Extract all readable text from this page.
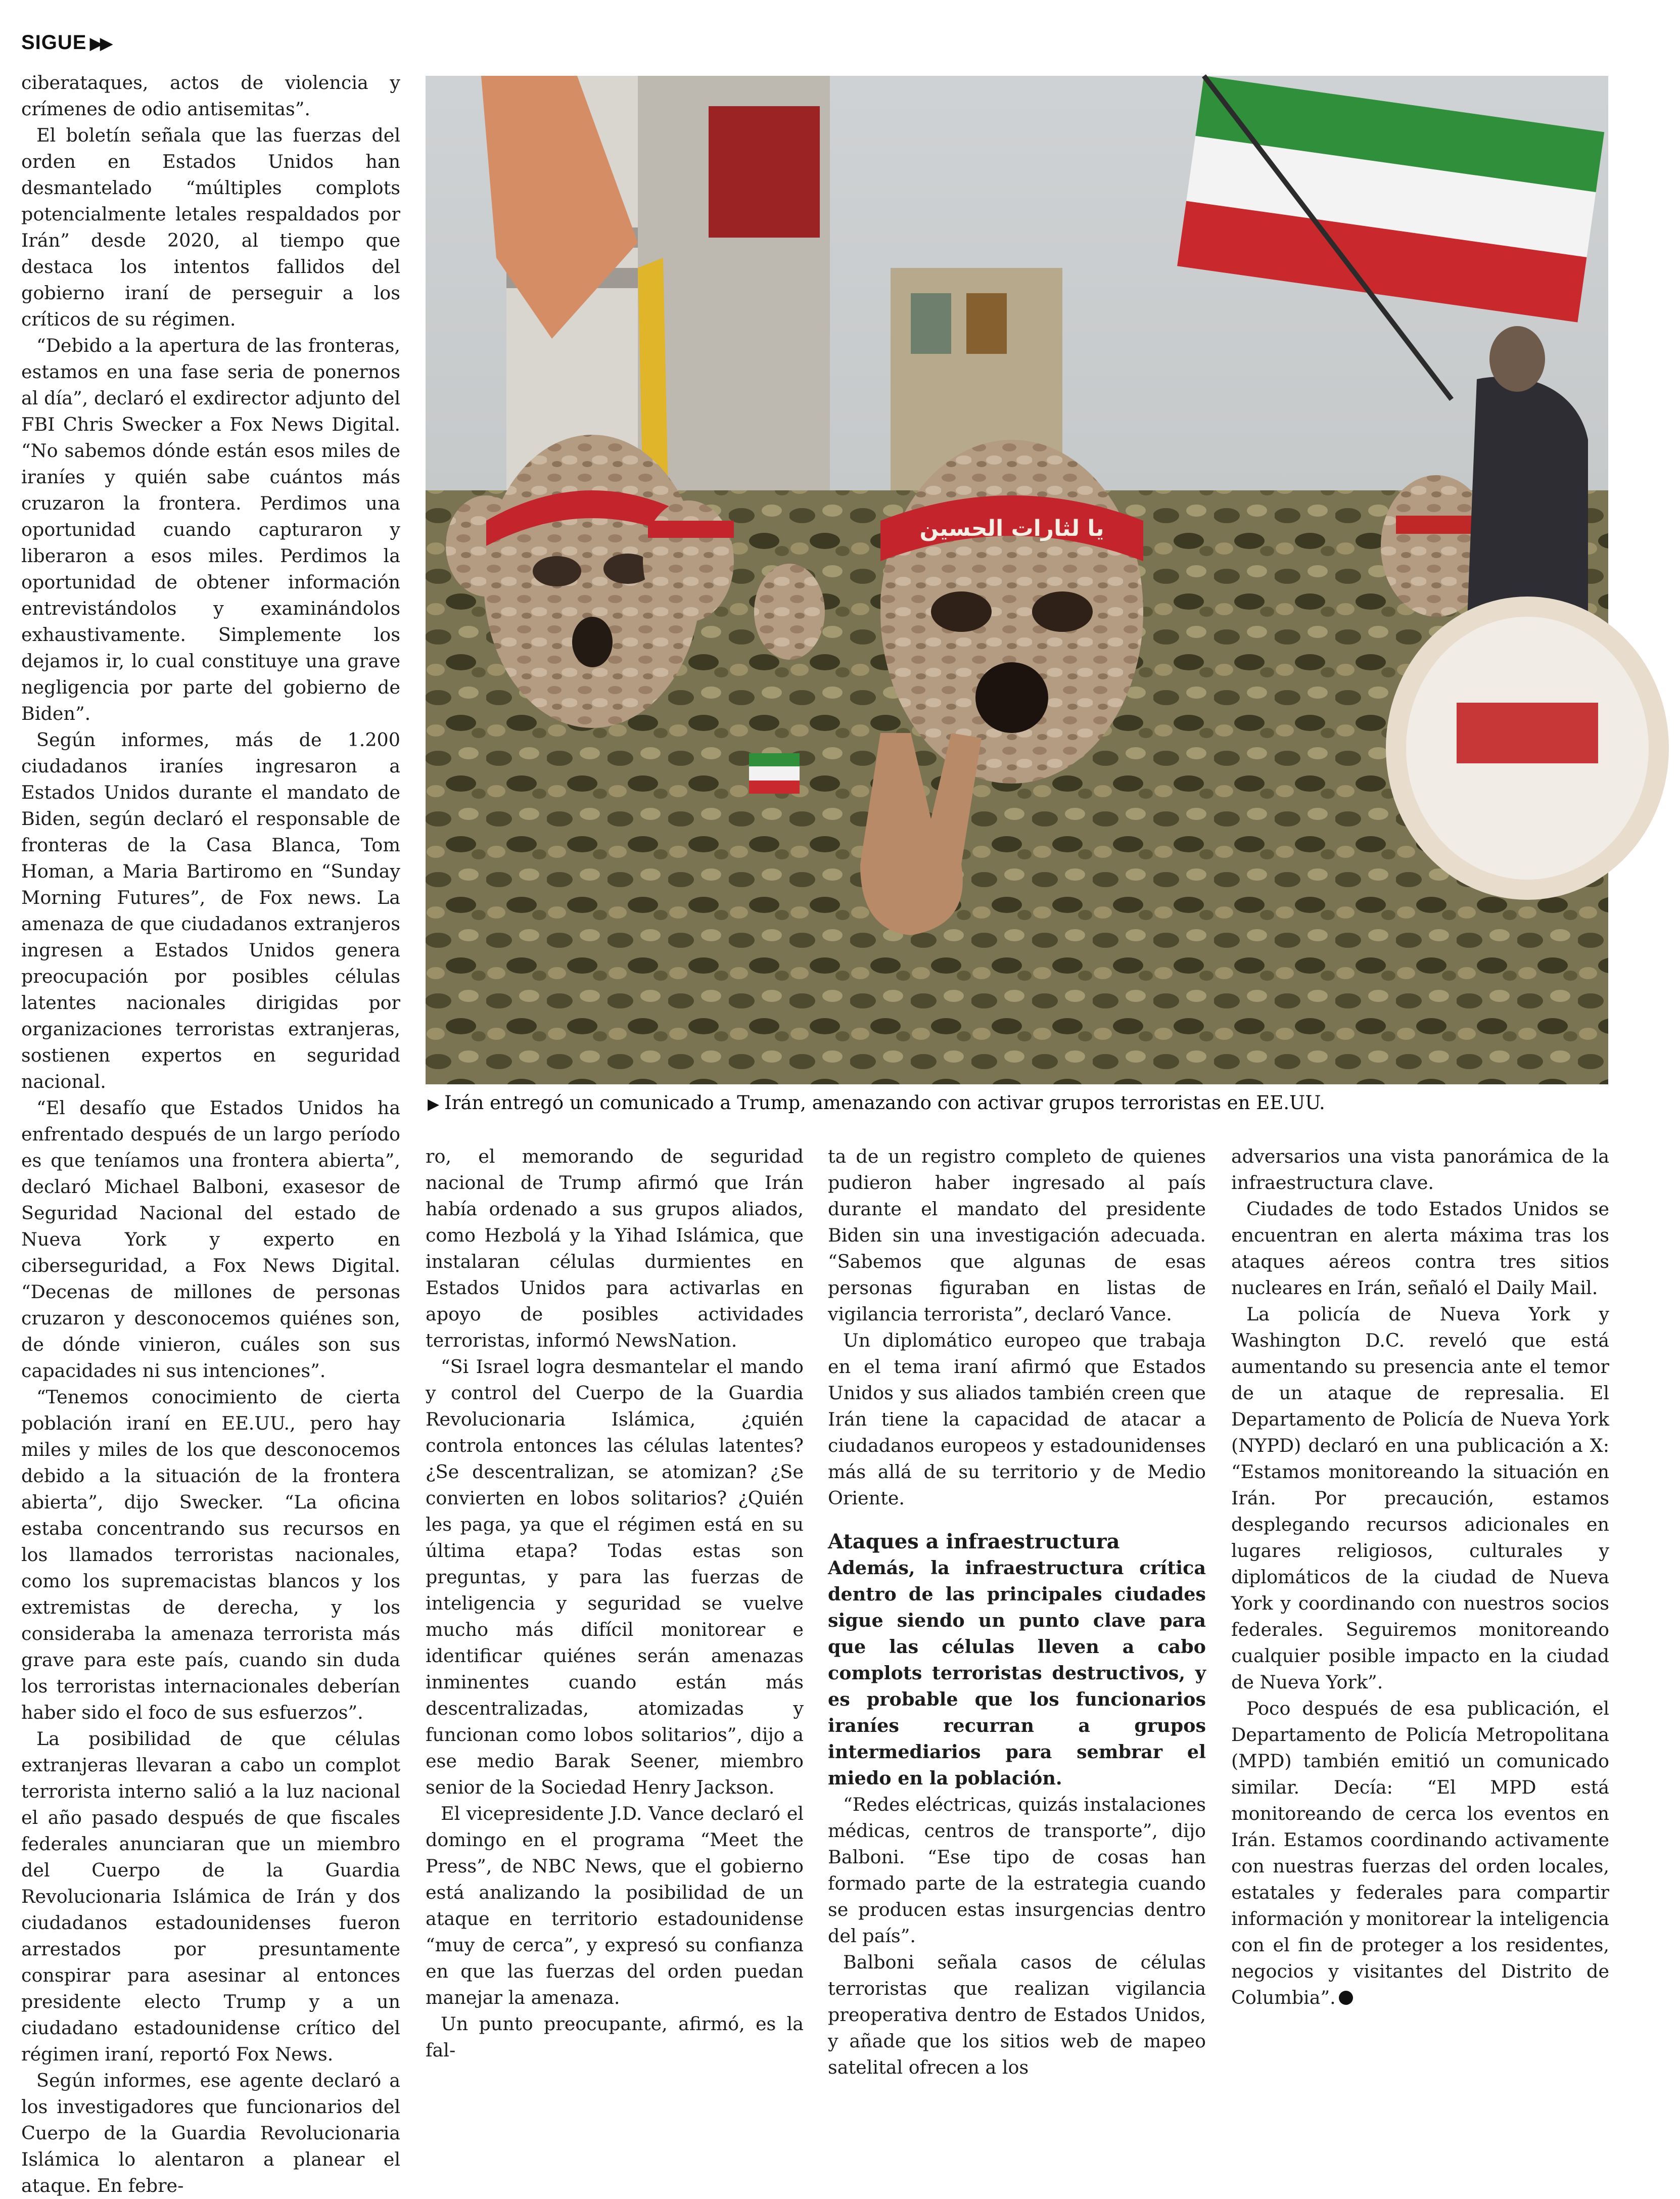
SIGUE ▶▶

ciberataques, actos de violencia y crímenes de odio antisemitas”.

El boletín señala que las fuerzas del orden en Estados Unidos han desmantelado “múltiples complots potencialmente letales respaldados por Irán” desde 2020, al tiempo que destaca los intentos fallidos del gobierno iraní de perseguir a los críticos de su régimen.

“Debido a la apertura de las fronteras, estamos en una fase seria de ponernos al día”, declaró el exdirector adjunto del FBI Chris Swecker a Fox News Digital. “No sabemos dónde están esos miles de iraníes y quién sabe cuántos más cruzaron la frontera. Perdimos una oportunidad cuando capturaron y liberaron a esos miles. Perdimos la oportunidad de obtener información entrevistándolos y examinándolos exhaustivamente. Simplemente los dejamos ir, lo cual constituye una grave negligencia por parte del gobierno de Biden”.

Según informes, más de 1.200 ciudadanos iraníes ingresaron a Estados Unidos durante el mandato de Biden, según declaró el responsable de fronteras de la Casa Blanca, Tom Homan, a Maria Bartiromo en “Sunday Morning Futures”, de Fox news. La amenaza de que ciudadanos extranjeros ingresen a Estados Unidos genera preocupación por posibles células latentes nacionales dirigidas por organizaciones terroristas extranjeras, sostienen expertos en seguridad nacional.

“El desafío que Estados Unidos ha enfrentado después de un largo período es que teníamos una frontera abierta”, declaró Michael Balboni, exasesor de Seguridad Nacional del estado de Nueva York y experto en ciberseguridad, a Fox News Digital. “Decenas de millones de personas cruzaron y desconocemos quiénes son, de dónde vinieron, cuáles son sus capacidades ni sus intenciones”.

“Tenemos conocimiento de cierta población iraní en EE.UU., pero hay miles y miles de los que desconocemos debido a la situación de la frontera abierta”, dijo Swecker. “La oficina estaba concentrando sus recursos en los llamados terroristas nacionales, como los supremacistas blancos y los extremistas de derecha, y los consideraba la amenaza terrorista más grave para este país, cuando sin duda los terroristas internacionales deberían haber sido el foco de sus esfuerzos”.

La posibilidad de que células extranjeras llevaran a cabo un complot terrorista interno salió a la luz nacional el año pasado después de que fiscales federales anunciaran que un miembro del Cuerpo de la Guardia Revolucionaria Islámica de Irán y dos ciudadanos estadounidenses fueron arrestados por presuntamente conspirar para asesinar al entonces presidente electo Trump y a un ciudadano estadounidense crítico del régimen iraní, reportó Fox News.

Según informes, ese agente declaró a los investigadores que funcionarios del Cuerpo de la Guardia Revolucionaria Islámica lo alentaron a planear el ataque. En febre-

یا لثارات الحسین
▶ Irán entregó un comunicado a Trump, amenazando con activar grupos terroristas en EE.UU.

ro, el memorando de seguridad nacional de Trump afirmó que Irán había ordenado a sus grupos aliados, como Hezbolá y la Yihad Islámica, que instalaran células durmientes en Estados Unidos para activarlas en apoyo de posibles actividades terroristas, informó NewsNation.

“Si Israel logra desmantelar el mando y control del Cuerpo de la Guardia Revolucionaria Islámica, ¿quién controla entonces las células latentes? ¿Se descentralizan, se atomizan? ¿Se convierten en lobos solitarios? ¿Quién les paga, ya que el régimen está en su última etapa? Todas estas son preguntas, y para las fuerzas de inteligencia y seguridad se vuelve mucho más difícil monitorear e identificar quiénes serán amenazas inminentes cuando están más descentralizadas, atomizadas y funcionan como lobos solitarios”, dijo a ese medio Barak Seener, miembro senior de la Sociedad Henry Jackson.

El vicepresidente J.D. Vance declaró el domingo en el programa “Meet the Press”, de NBC News, que el gobierno está analizando la posibilidad de un ataque en territorio estadounidense “muy de cerca”, y expresó su confianza en que las fuerzas del orden puedan manejar la amenaza.

Un punto preocupante, afirmó, es la fal-

ta de un registro completo de quienes pudieron haber ingresado al país durante el mandato del presidente Biden sin una investigación adecuada. “Sabemos que algunas de esas personas figuraban en listas de vigilancia terrorista”, declaró Vance.

Un diplomático europeo que trabaja en el tema iraní afirmó que Estados Unidos y sus aliados también creen que Irán tiene la capacidad de atacar a ciudadanos europeos y estadounidenses más allá de su territorio y de Medio Oriente.

Ataques a infraestructura

Además, la infraestructura crítica dentro de las principales ciudades sigue siendo un punto clave para que las células lleven a cabo complots terroristas destructivos, y es probable que los funcionarios iraníes recurran a grupos intermediarios para sembrar el miedo en la población.

“Redes eléctricas, quizás instalaciones médicas, centros de transporte”, dijo Balboni. “Ese tipo de cosas han formado parte de la estrategia cuando se producen estas insurgencias dentro del país”.

Balboni señala casos de células terroristas que realizan vigilancia preoperativa dentro de Estados Unidos, y añade que los sitios web de mapeo satelital ofrecen a los

adversarios una vista panorámica de la infraestructura clave.

Ciudades de todo Estados Unidos se encuentran en alerta máxima tras los ataques aéreos contra tres sitios nucleares en Irán, señaló el Daily Mail.

La policía de Nueva York y Washington D.C. reveló que está aumentando su presencia ante el temor de un ataque de represalia. El Departamento de Policía de Nueva York (NYPD) declaró en una publicación a X: “Estamos monitoreando la situación en Irán. Por precaución, estamos desplegando recursos adicionales en lugares religiosos, culturales y diplomáticos de la ciudad de Nueva York y coordinando con nuestros socios federales. Seguiremos monitoreando cualquier posible impacto en la ciudad de Nueva York”.

Poco después de esa publicación, el Departamento de Policía Metropolitana (MPD) también emitió un comunicado similar. Decía: “El MPD está monitoreando de cerca los eventos en Irán. Estamos coordinando activamente con nuestras fuerzas del orden locales, estatales y federales para compartir información y monitorear la inteligencia con el fin de proteger a los residentes, negocios y visitantes del Distrito de Columbia”.
